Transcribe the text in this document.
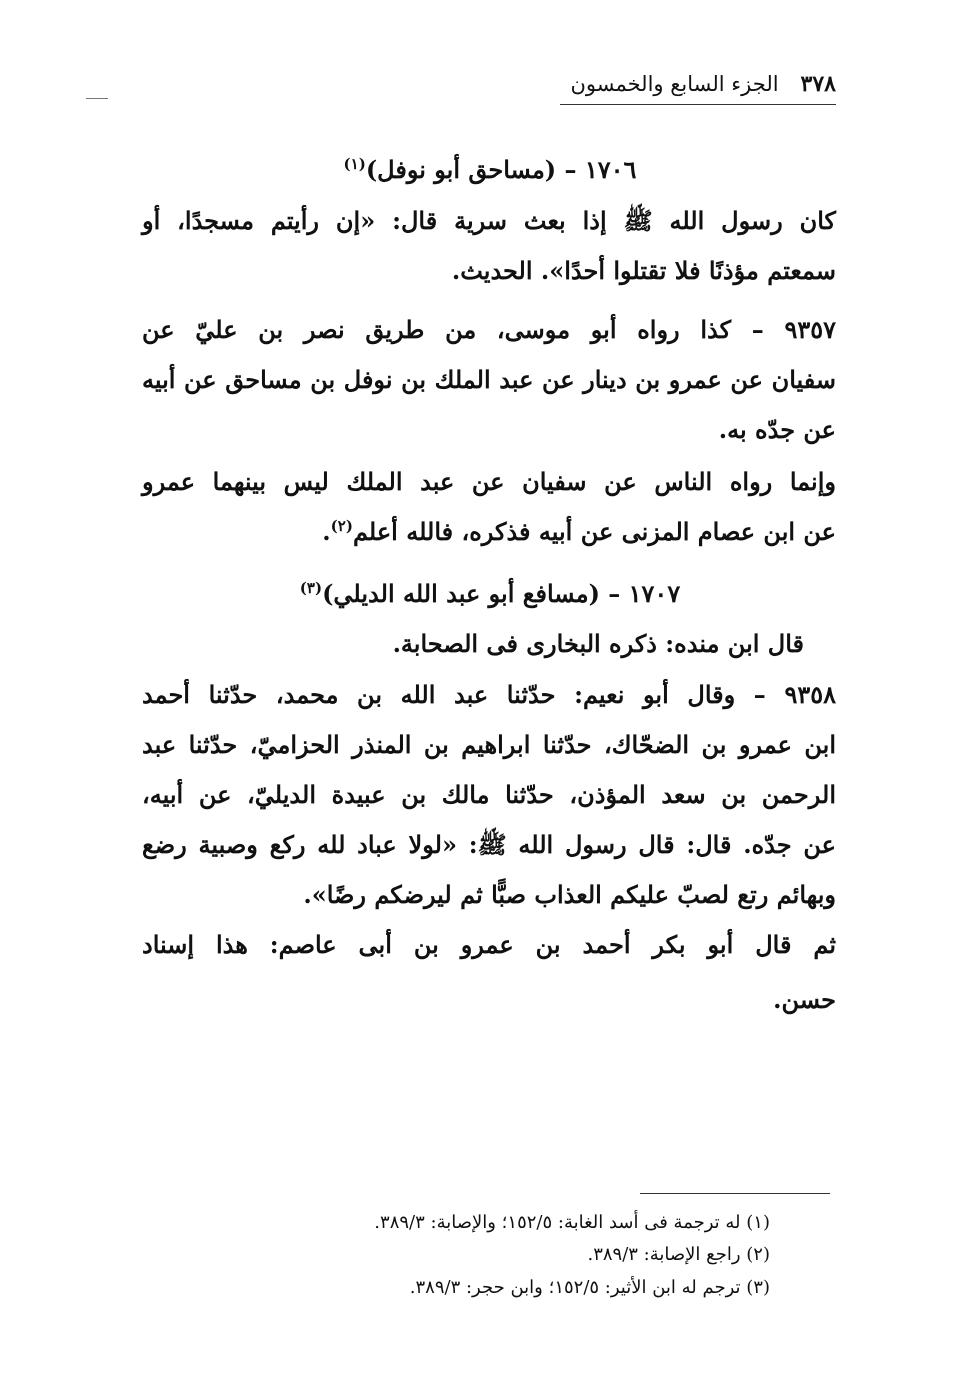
٣٧٨
الجزء السابع والخمسون
١٧٠٦ – (مساحق أبو نوفل)$^{(١)}$
كان رسول الله ﷺ إذا بعث سرية قال: «إن رأيتم مسجدًا، أو
سمعتم مؤذنًا فلا تقتلوا أحدًا». الحديث.
٩٣٥٧ – كذا رواه أبو موسى، من طريق نصر بن عليّ عن
سفيان عن عمرو بن دينار عن عبد الملك بن نوفل بن مساحق عن أبيه
عن جدّه به.
وإنما رواه الناس عن سفيان عن عبد الملك ليس بينهما عمرو
عن ابن عصام المزنى عن أبيه فذكره، فالله أعلم$^{(٢)}$.
١٧٠٧ – (مسافع أبو عبد الله الديلي)$^{(٣)}$
قال ابن منده: ذكره البخارى فى الصحابة.
٩٣٥٨ – وقال أبو نعيم: حدّثنا عبد الله بن محمد، حدّثنا أحمد
ابن عمرو بن الضحّاك، حدّثنا ابراهيم بن المنذر الحزاميّ، حدّثنا عبد
الرحمن بن سعد المؤذن، حدّثنا مالك بن عبيدة الديليّ، عن أبيه،
عن جدّه. قال: قال رسول الله ﷺ: «لولا عباد لله ركع وصبية رضع
وبهائم رتع لصبّ عليكم العذاب صبًّا ثم ليرضكم رضًا».
ثم قال أبو بكر أحمد بن عمرو بن أبى عاصم: هذا إسناد
حسن.
(١) له ترجمة فى أسد الغابة: ١٥٢/٥؛ والإصابة: ٣٨٩/٣.
(٢) راجع الإصابة: ٣٨٩/٣.
(٣) ترجم له ابن الأثير: ١٥٢/٥؛ وابن حجر: ٣٨٩/٣.
